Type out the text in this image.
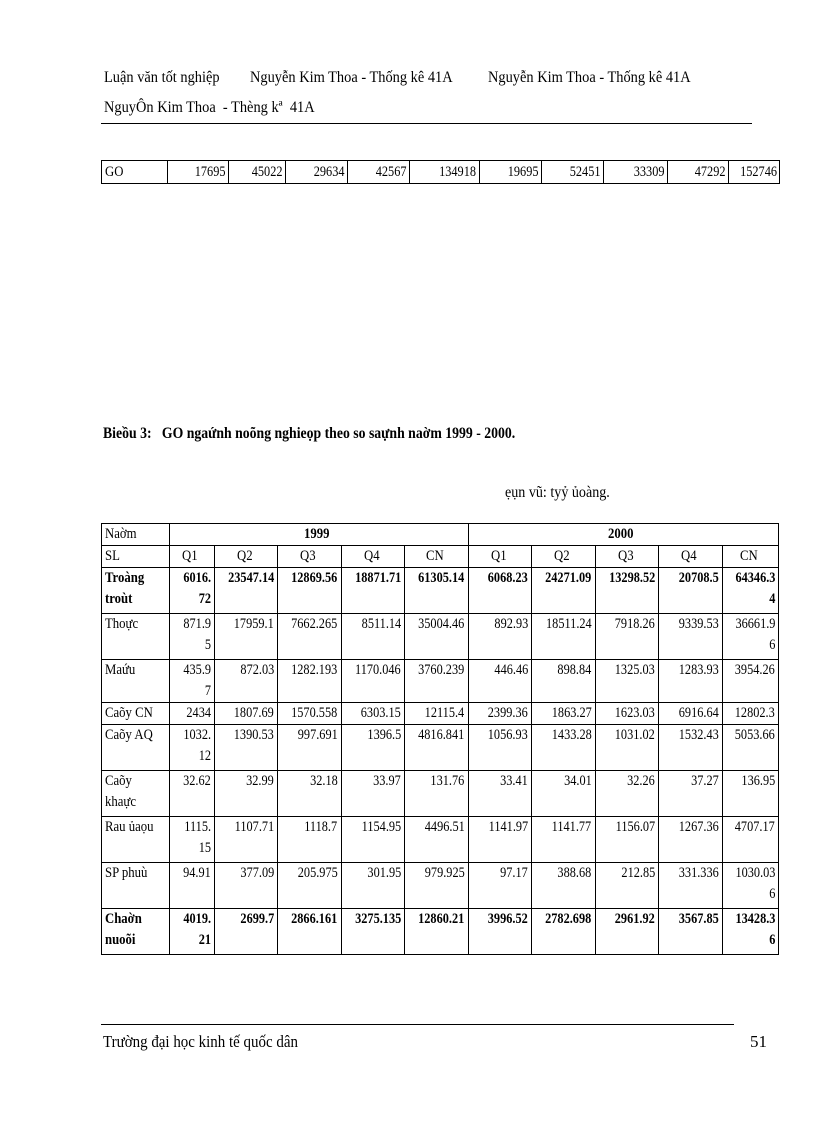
Luận văn tốt nghiệp Nguyễn Kim Thoa - Thống kê 41A Nguyễn Kim Thoa - Thống kê 41A
NguyÔn Kim Thoa  - Thèng kª  41A
GO	17695	45022	29634	42567	134918	19695	52451	33309	47292	152746
Bieồu 3: GO ngaứnh noõng nghieọp theo so saựnh naờm 1999 - 2000.
ẹụn vũ: tyỷ ủoàng.
Naờm	1999					2000				
SL	Q1	Q2	Q3	Q4	CN	Q1	Q2	Q3	Q4	CN
Troàng troùt	6016.72	23547.14	12869.56	18871.71	61305.14	6068.23	24271.09	13298.52	20708.5	64346.34
Thoực	871.95	17959.1	7662.265	8511.14	35004.46	892.93	18511.24	7918.26	9339.53	36661.96
Maứu	435.97	872.03	1282.193	1170.046	3760.239	446.46	898.84	1325.03	1283.93	3954.26
Caõy CN	2434	1807.69	1570.558	6303.15	12115.4	2399.36	1863.27	1623.03	6916.64	12802.3
Caõy AQ	1032.12	1390.53	997.691	1396.5	4816.841	1056.93	1433.28	1031.02	1532.43	5053.66
Caõy khaực	32.62	32.99	32.18	33.97	131.76	33.41	34.01	32.26	37.27	136.95
Rau ủaọu	1115.15	1107.71	1118.7	1154.95	4496.51	1141.97	1141.77	1156.07	1267.36	4707.17
SP phuù	94.91	377.09	205.975	301.95	979.925	97.17	388.68	212.85	331.336	1030.036
Chaờn nuoõi	4019.21	2699.7	2866.161	3275.135	12860.21	3996.52	2782.698	2961.92	3567.85	13428.36
Trường đại học kinh tế quốc dân	51
